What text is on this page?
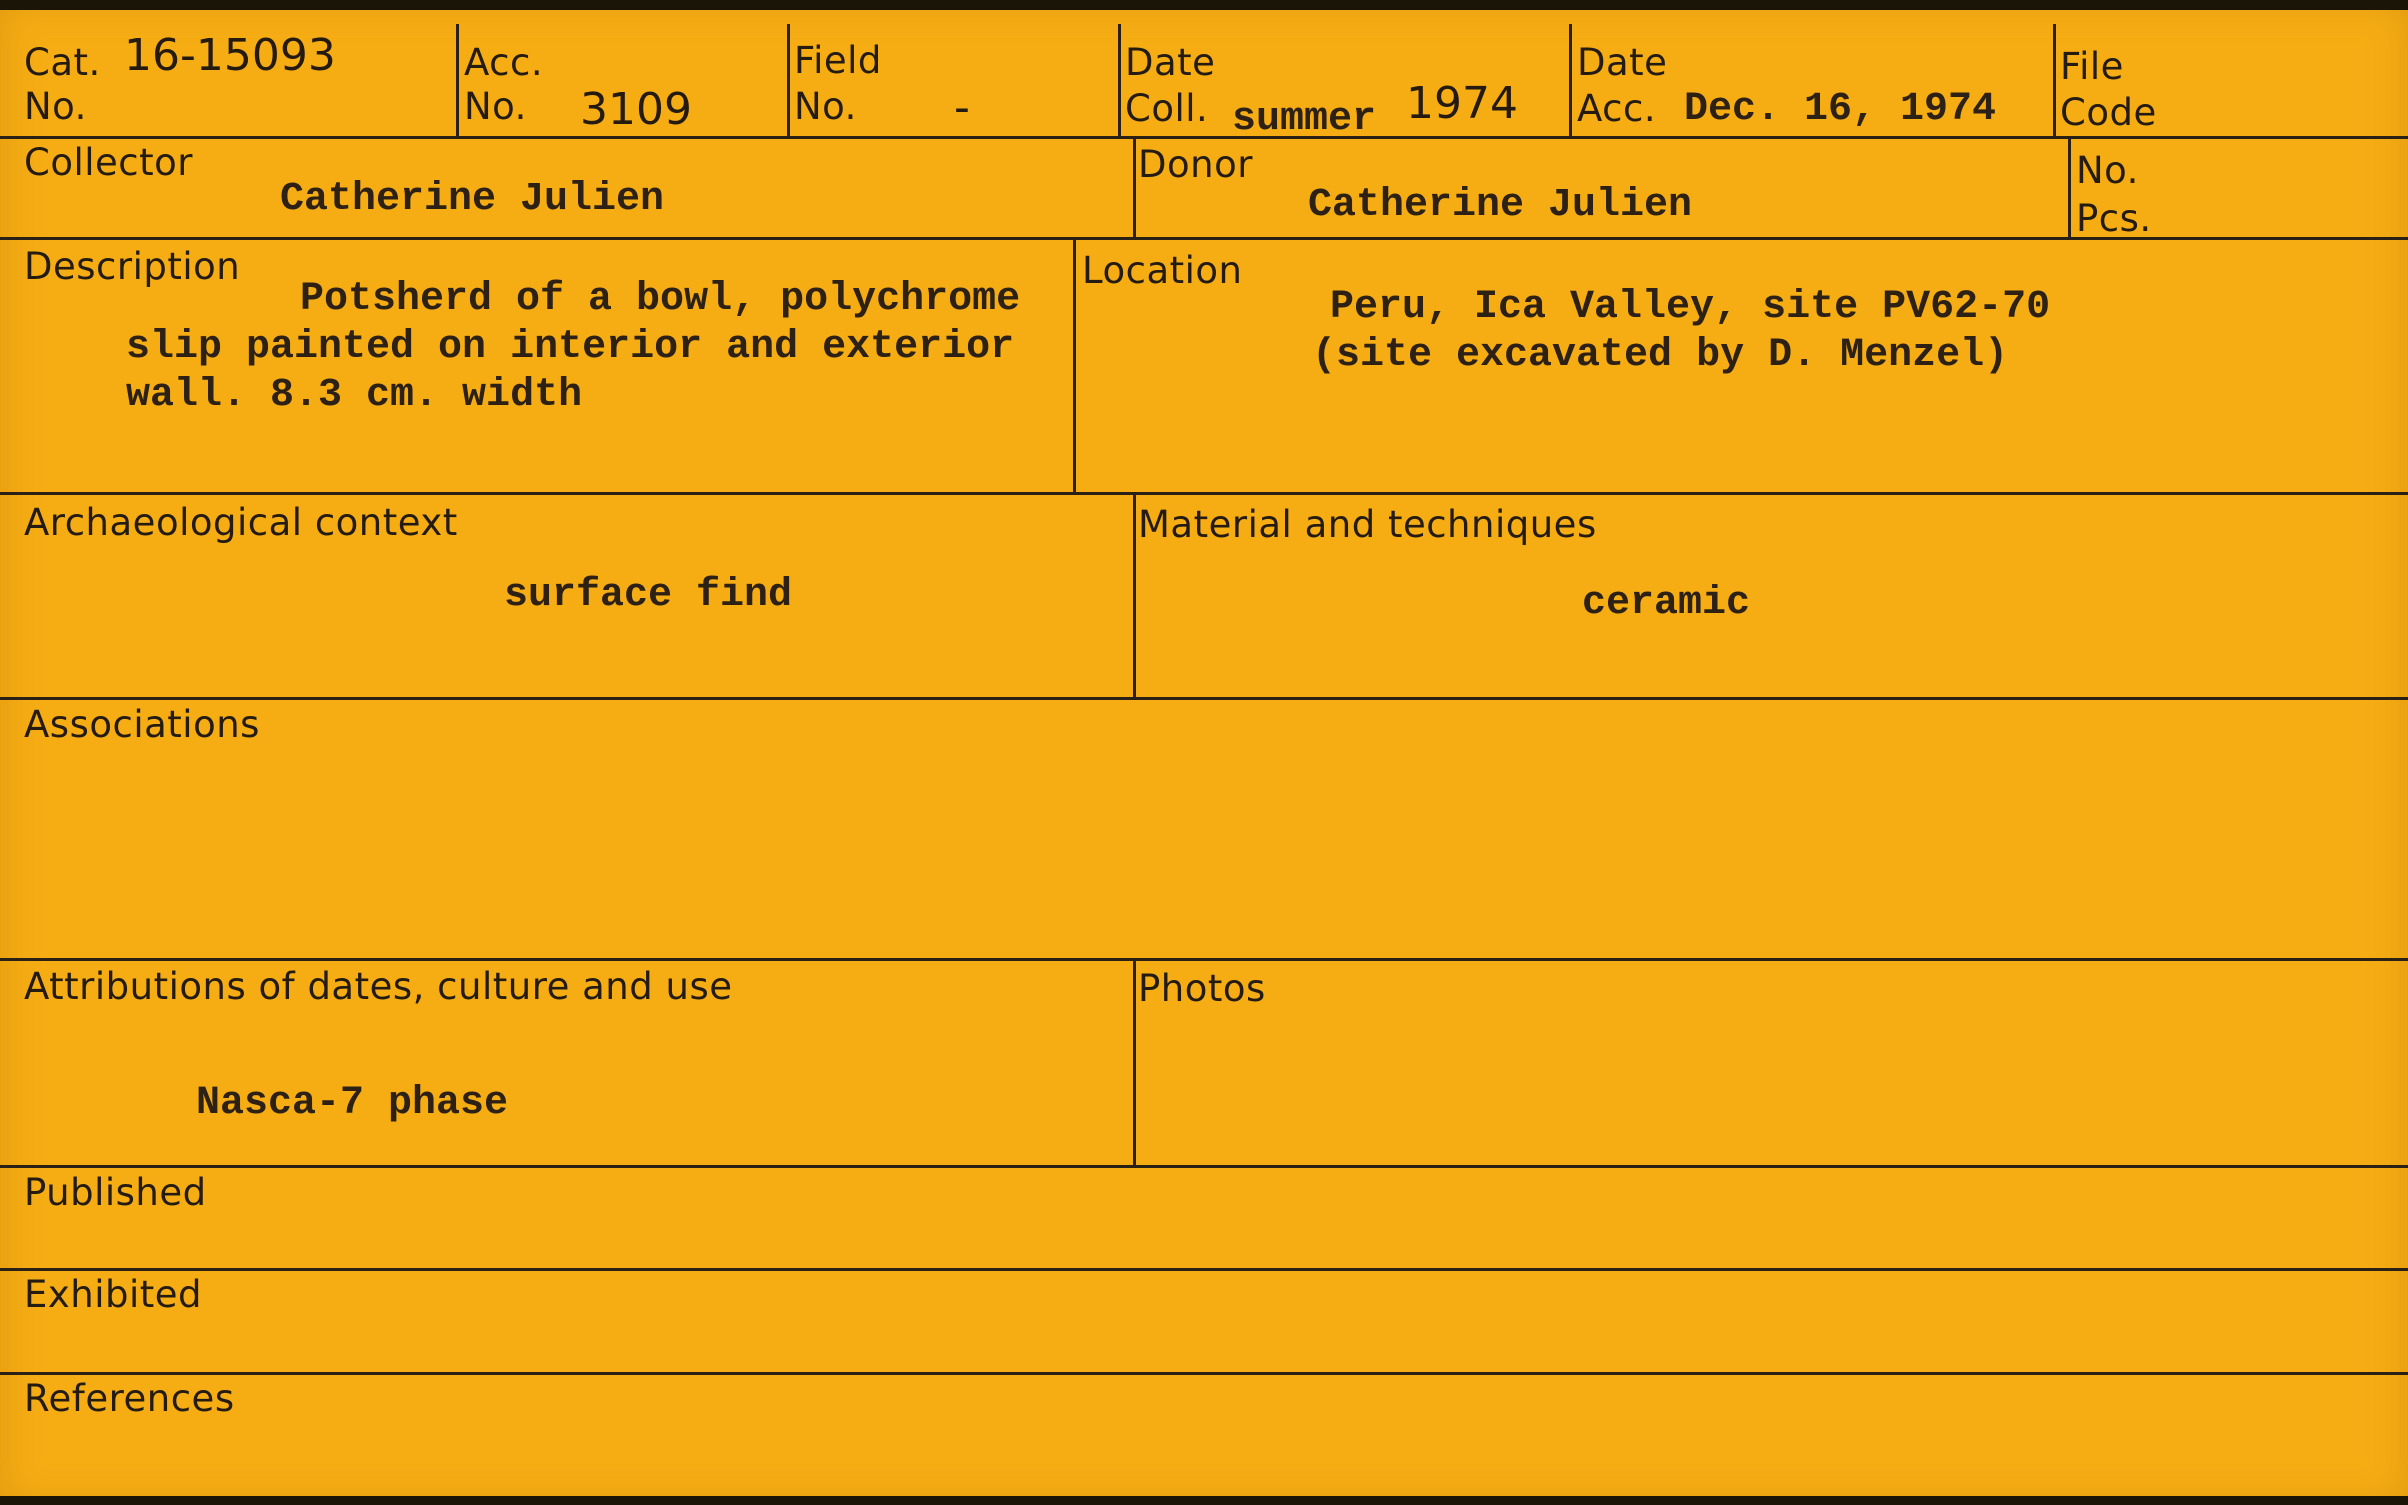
Cat.
No.
16-15093	Acc.
No. 3109
Field
No. -
Date
Coll. summer 1974
Date
Acc. Dec. 16, 1974
File
Code
Collector
Catherine Julien
Donor
Catherine Julien
No.
Pcs.
Description
Potsherd of a bowl, polychrome
slip painted on interior and exterior
wall. 8.3 cm. width
Location
Peru, Ica Valley, site PV62-70
(site excavated by D. Menzel)
Archaeological context
surface find
Material and techniques
ceramic
Associations
Attributions of dates, culture and use
Nasca-7 phase
Photos
Published
Exhibited
References
